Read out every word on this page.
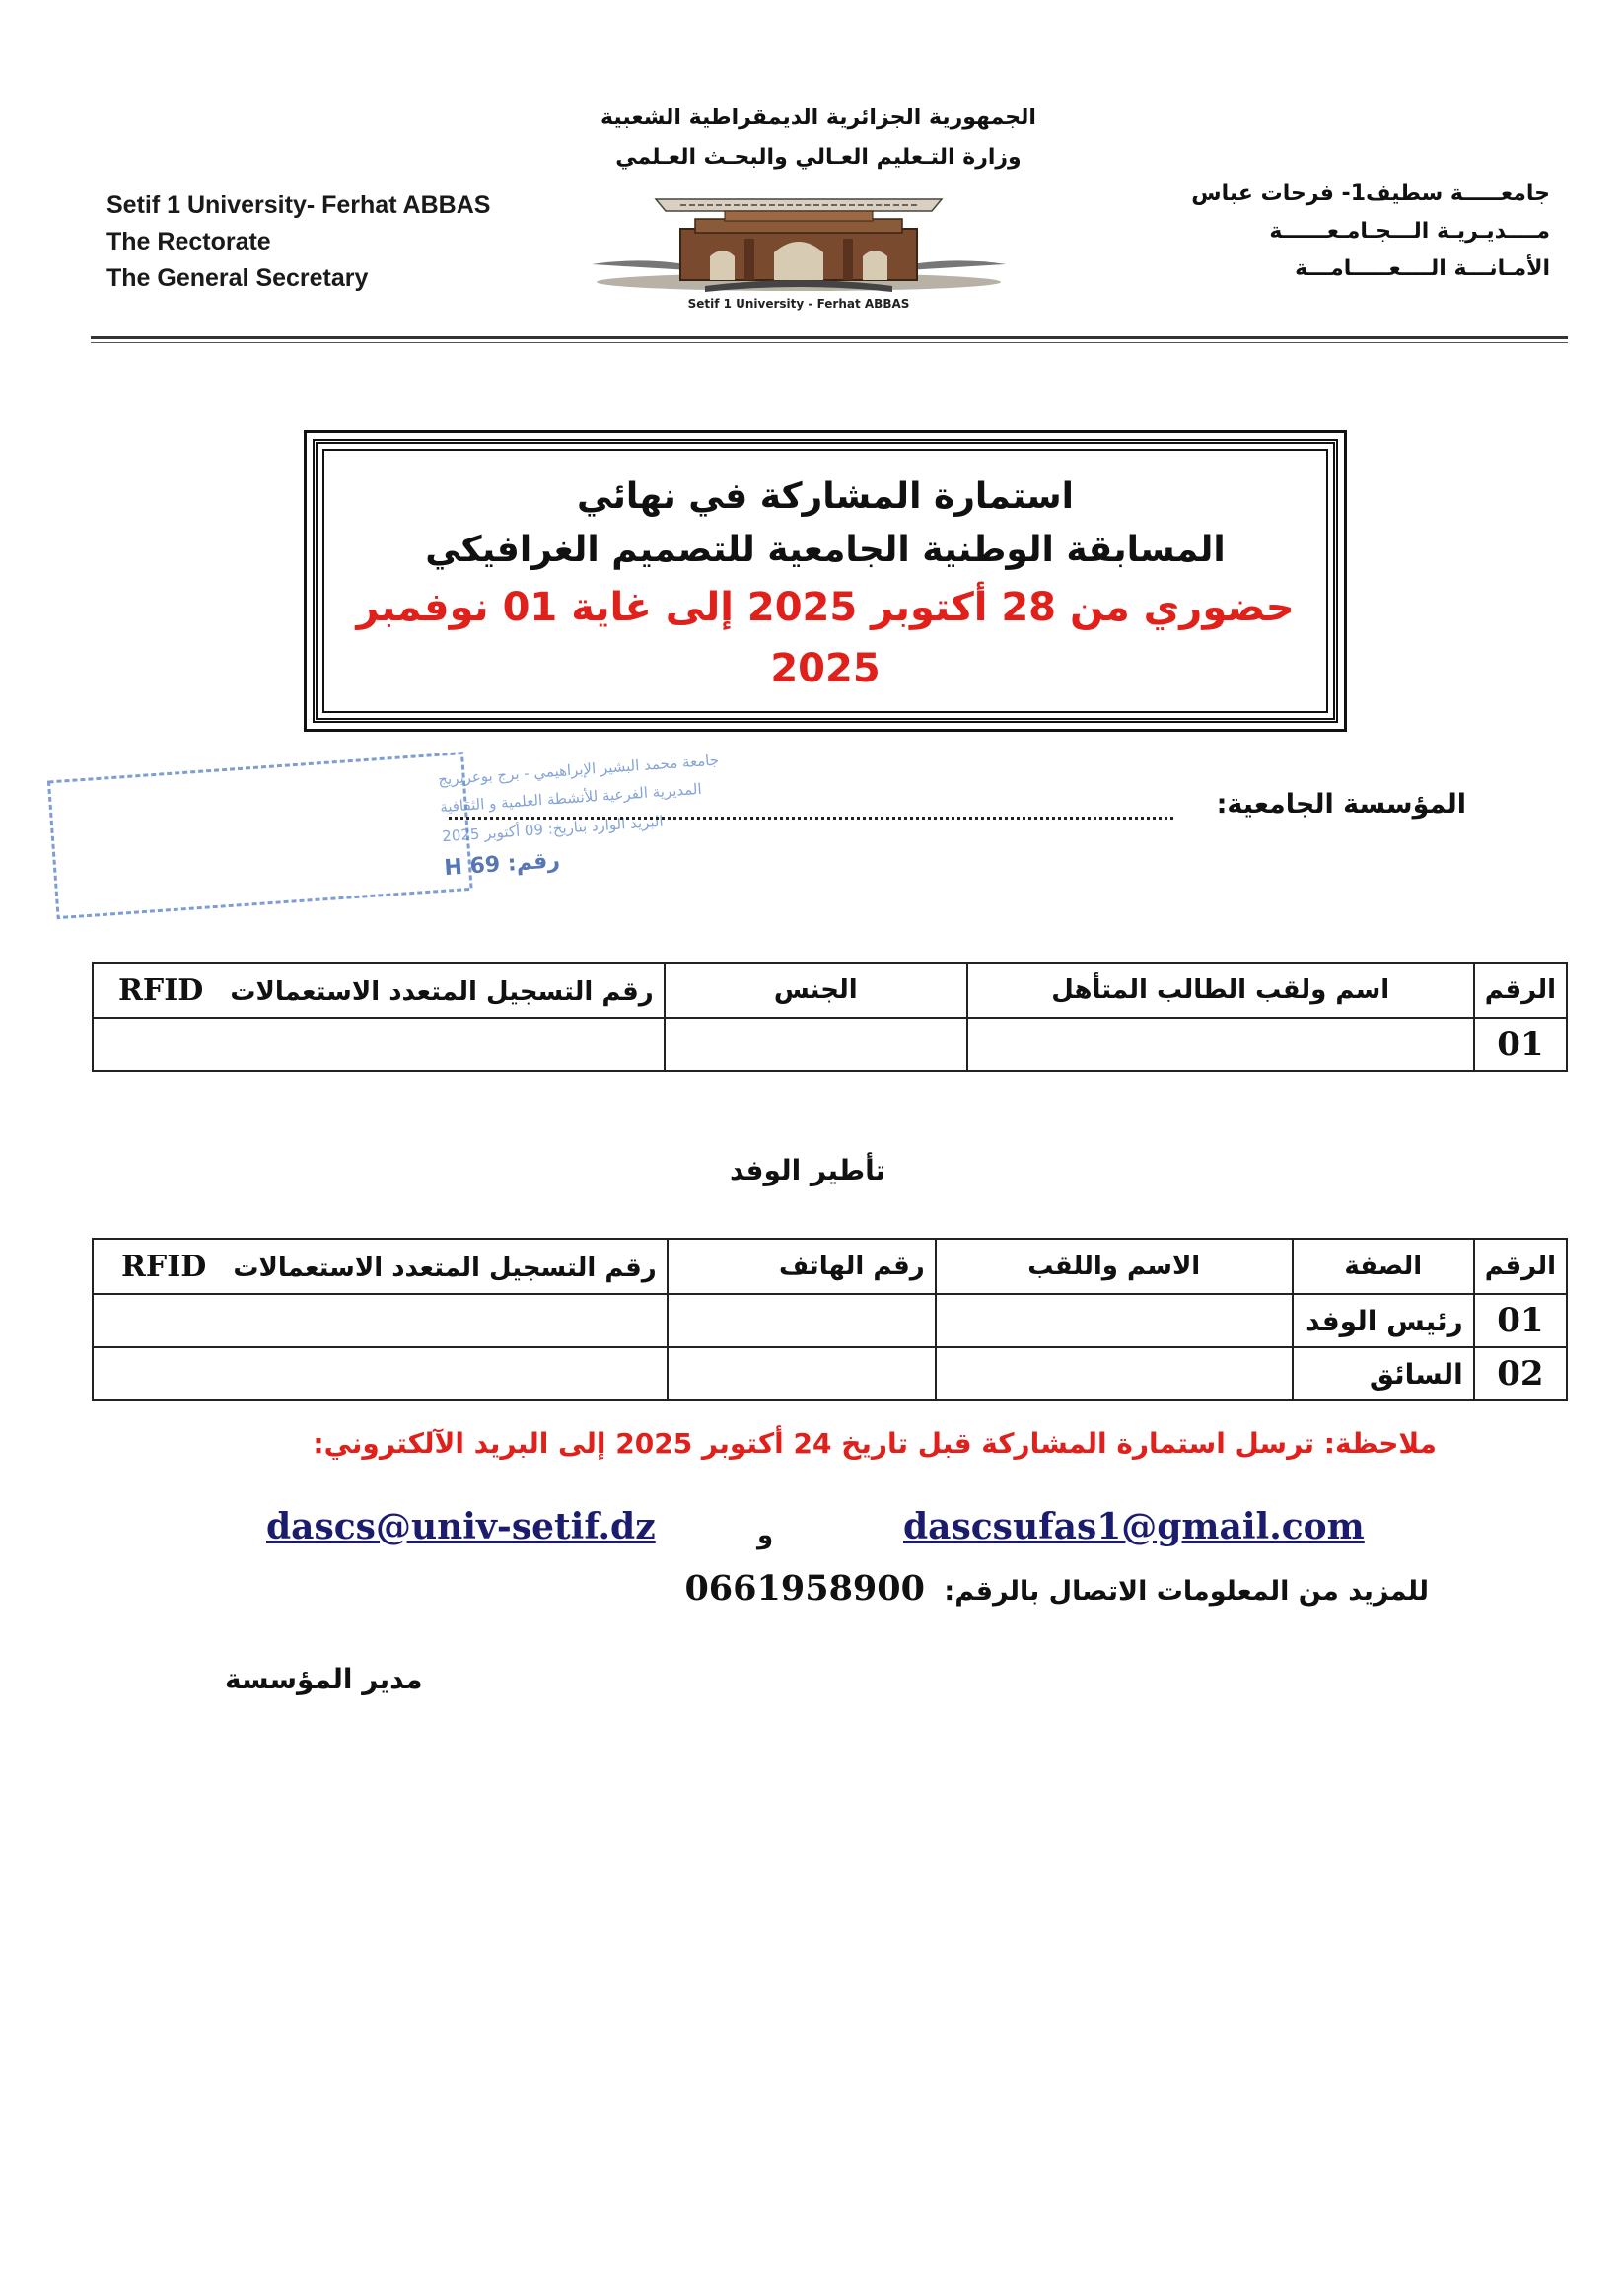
Setif 1 University- Ferhat ABBAS
The Rectorate
The General Secretary
الجمهورية الجزائرية الديمقراطية الشعبية
وزارة التـعليم العـالي والبحـث العـلمي
جامعـــــة سطيف1- فرحات عباس
مــــديـريـة الـــجـامـعــــــة
الأمـانـــة الــــعـــــامـــة
Setif 1 University - Ferhat ABBAS
استمارة المشاركة في نهائي
المسابقة الوطنية الجامعية للتصميم الغرافيكي
حضوري من 28 أكتوبر 2025 إلى غاية 01 نوفمبر
2025
جامعة محمد البشير الإبراهيمي - برج بوعريريج
المديرية الفرعية للأنشطة العلمية و الثقافية
البريد الوارد بتاريخ: 09 أكتوبر 2025
رقم: 69 H
المؤسسة الجامعية:
الرقم	اسم ولقب الطالب المتأهل	الجنس	رقم التسجيل المتعدد الاستعمالات RFID
01			
تأطير الوفد
الرقم	الصفة	الاسم واللقب	رقم الهاتف	رقم التسجيل المتعدد الاستعمالات RFID
01	رئيس الوفد			
02	السائق			
ملاحظة: ترسل استمارة المشاركة قبل تاريخ 24 أكتوبر 2025 إلى البريد الآلكتروني:
dascsufas1@gmail.com
و
dascs@univ-setif.dz
للمزيد من المعلومات الاتصال بالرقم: 0661958900
مدير المؤسسة
